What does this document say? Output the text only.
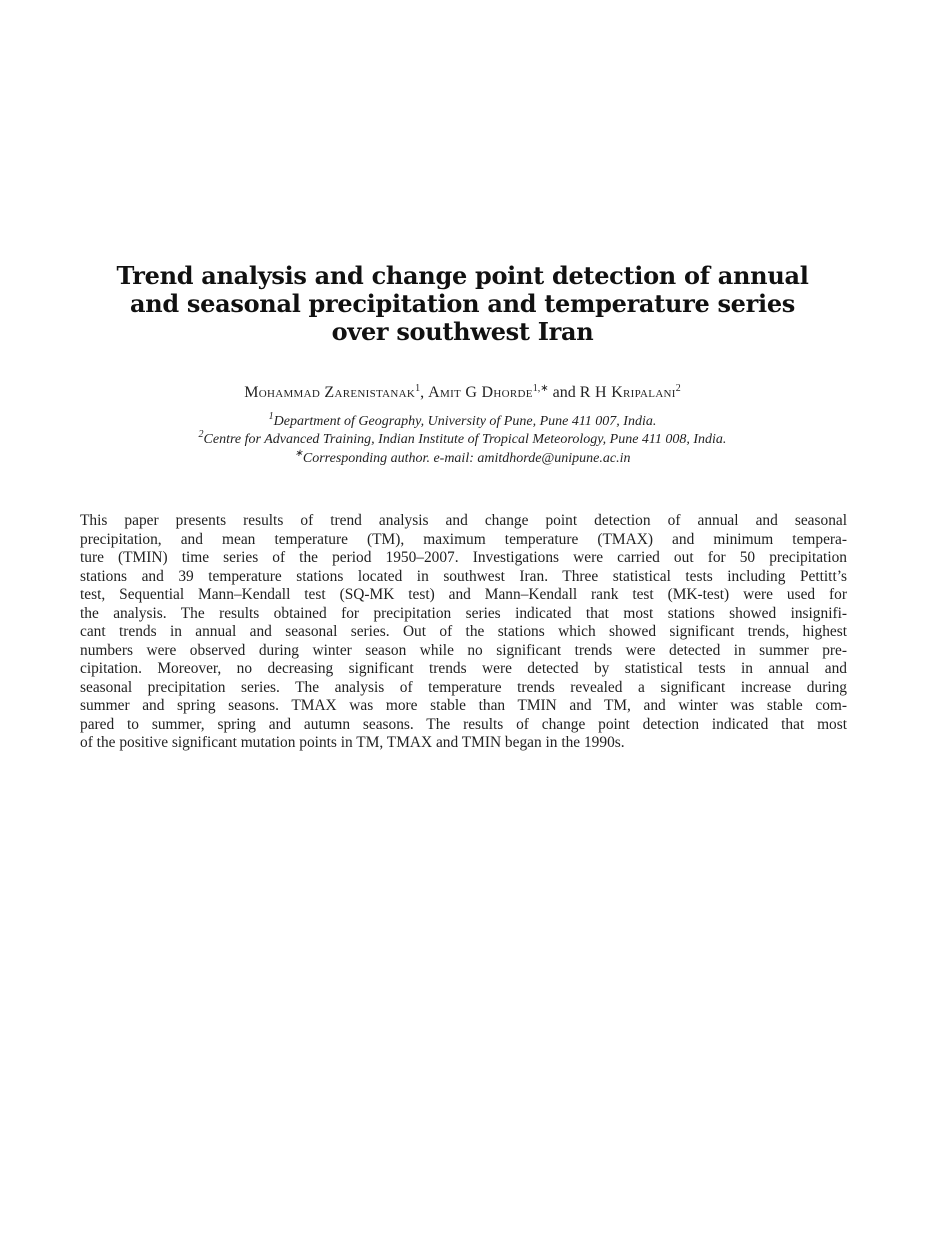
Trend analysis and change point detection of annual
and seasonal precipitation and temperature series
over southwest Iran
Mohammad Zarenistanak$^1$, Amit G Dhorde$^{1,∗}$ and R H Kripalani$^2$
$^1$Department of Geography, University of Pune, Pune 411 007, India.
$^2$Centre for Advanced Training, Indian Institute of Tropical Meteorology, Pune 411 008, India.
∗Corresponding author. e-mail: amitdhorde@unipune.ac.in
This paper presents results of trend analysis and change point detection of annual and seasonal
precipitation, and mean temperature (TM), maximum temperature (TMAX) and minimum tempera-
ture (TMIN) time series of the period 1950–2007. Investigations were carried out for 50 precipitation
stations and 39 temperature stations located in southwest Iran. Three statistical tests including Pettitt’s
test, Sequential Mann–Kendall test (SQ-MK test) and Mann–Kendall rank test (MK-test) were used for
the analysis. The results obtained for precipitation series indicated that most stations showed insignifi-
cant trends in annual and seasonal series. Out of the stations which showed significant trends, highest
numbers were observed during winter season while no significant trends were detected in summer pre-
cipitation. Moreover, no decreasing significant trends were detected by statistical tests in annual and
seasonal precipitation series. The analysis of temperature trends revealed a significant increase during
summer and spring seasons. TMAX was more stable than TMIN and TM, and winter was stable com-
pared to summer, spring and autumn seasons. The results of change point detection indicated that most
of the positive significant mutation points in TM, TMAX and TMIN began in the 1990s.
